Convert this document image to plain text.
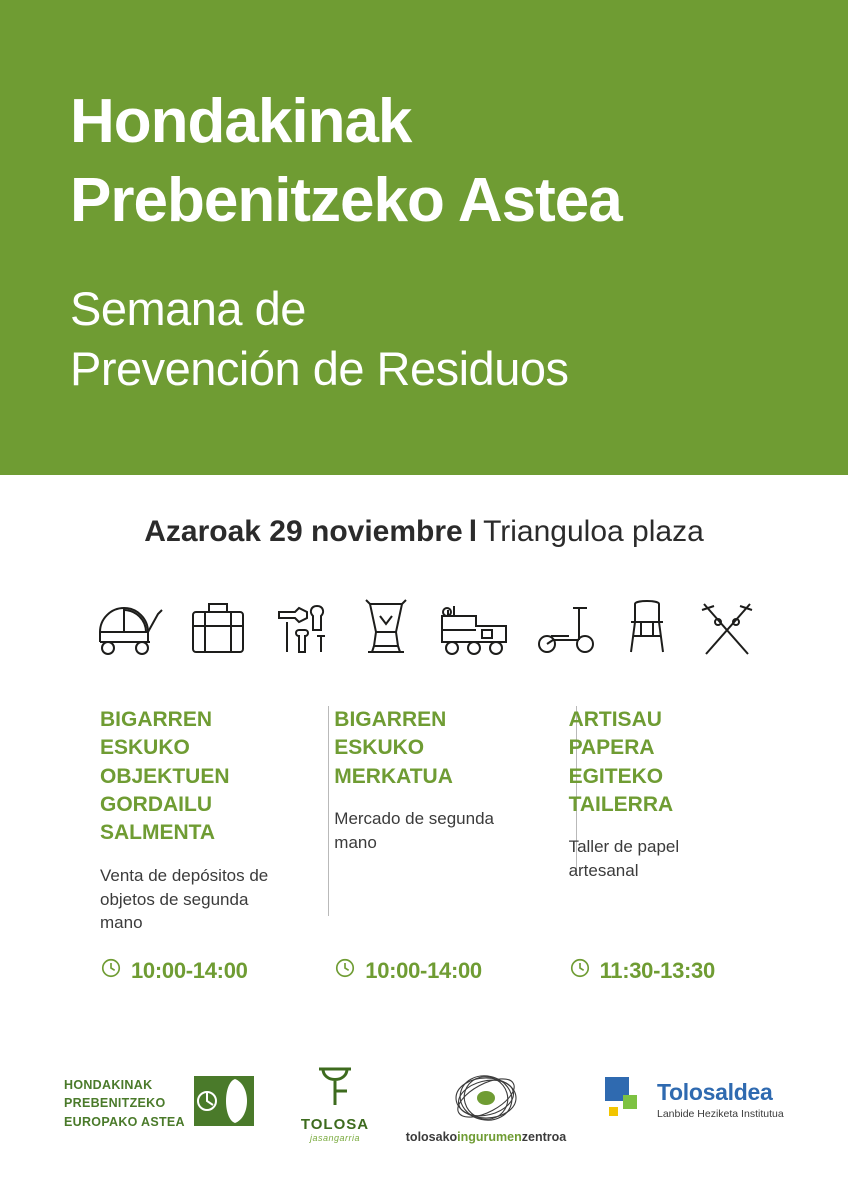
Hondakinak
Prebenitzeko Astea
Semana de
Prevención de Residuos
Azaroak 29 noviembre l Trianguloa plaza
BIGARREN ESKUKO OBJEKTUEN GORDAILU SALMENTA
Venta de depósitos de objetos de segunda mano
10:00-14:00
BIGARREN ESKUKO MERKATUA
Mercado de segunda mano
10:00-14:00
ARTISAU PAPERA EGITEKO TAILERRA
Taller de papel artesanal
11:30-13:30
HONDAKINAK
PREBENITZEKO
EUROPAKO ASTEA	TOLOSA
jasangarria	tolosakoingurumenzentroa
Tolosaldea
Lanbide Heziketa Institutua
